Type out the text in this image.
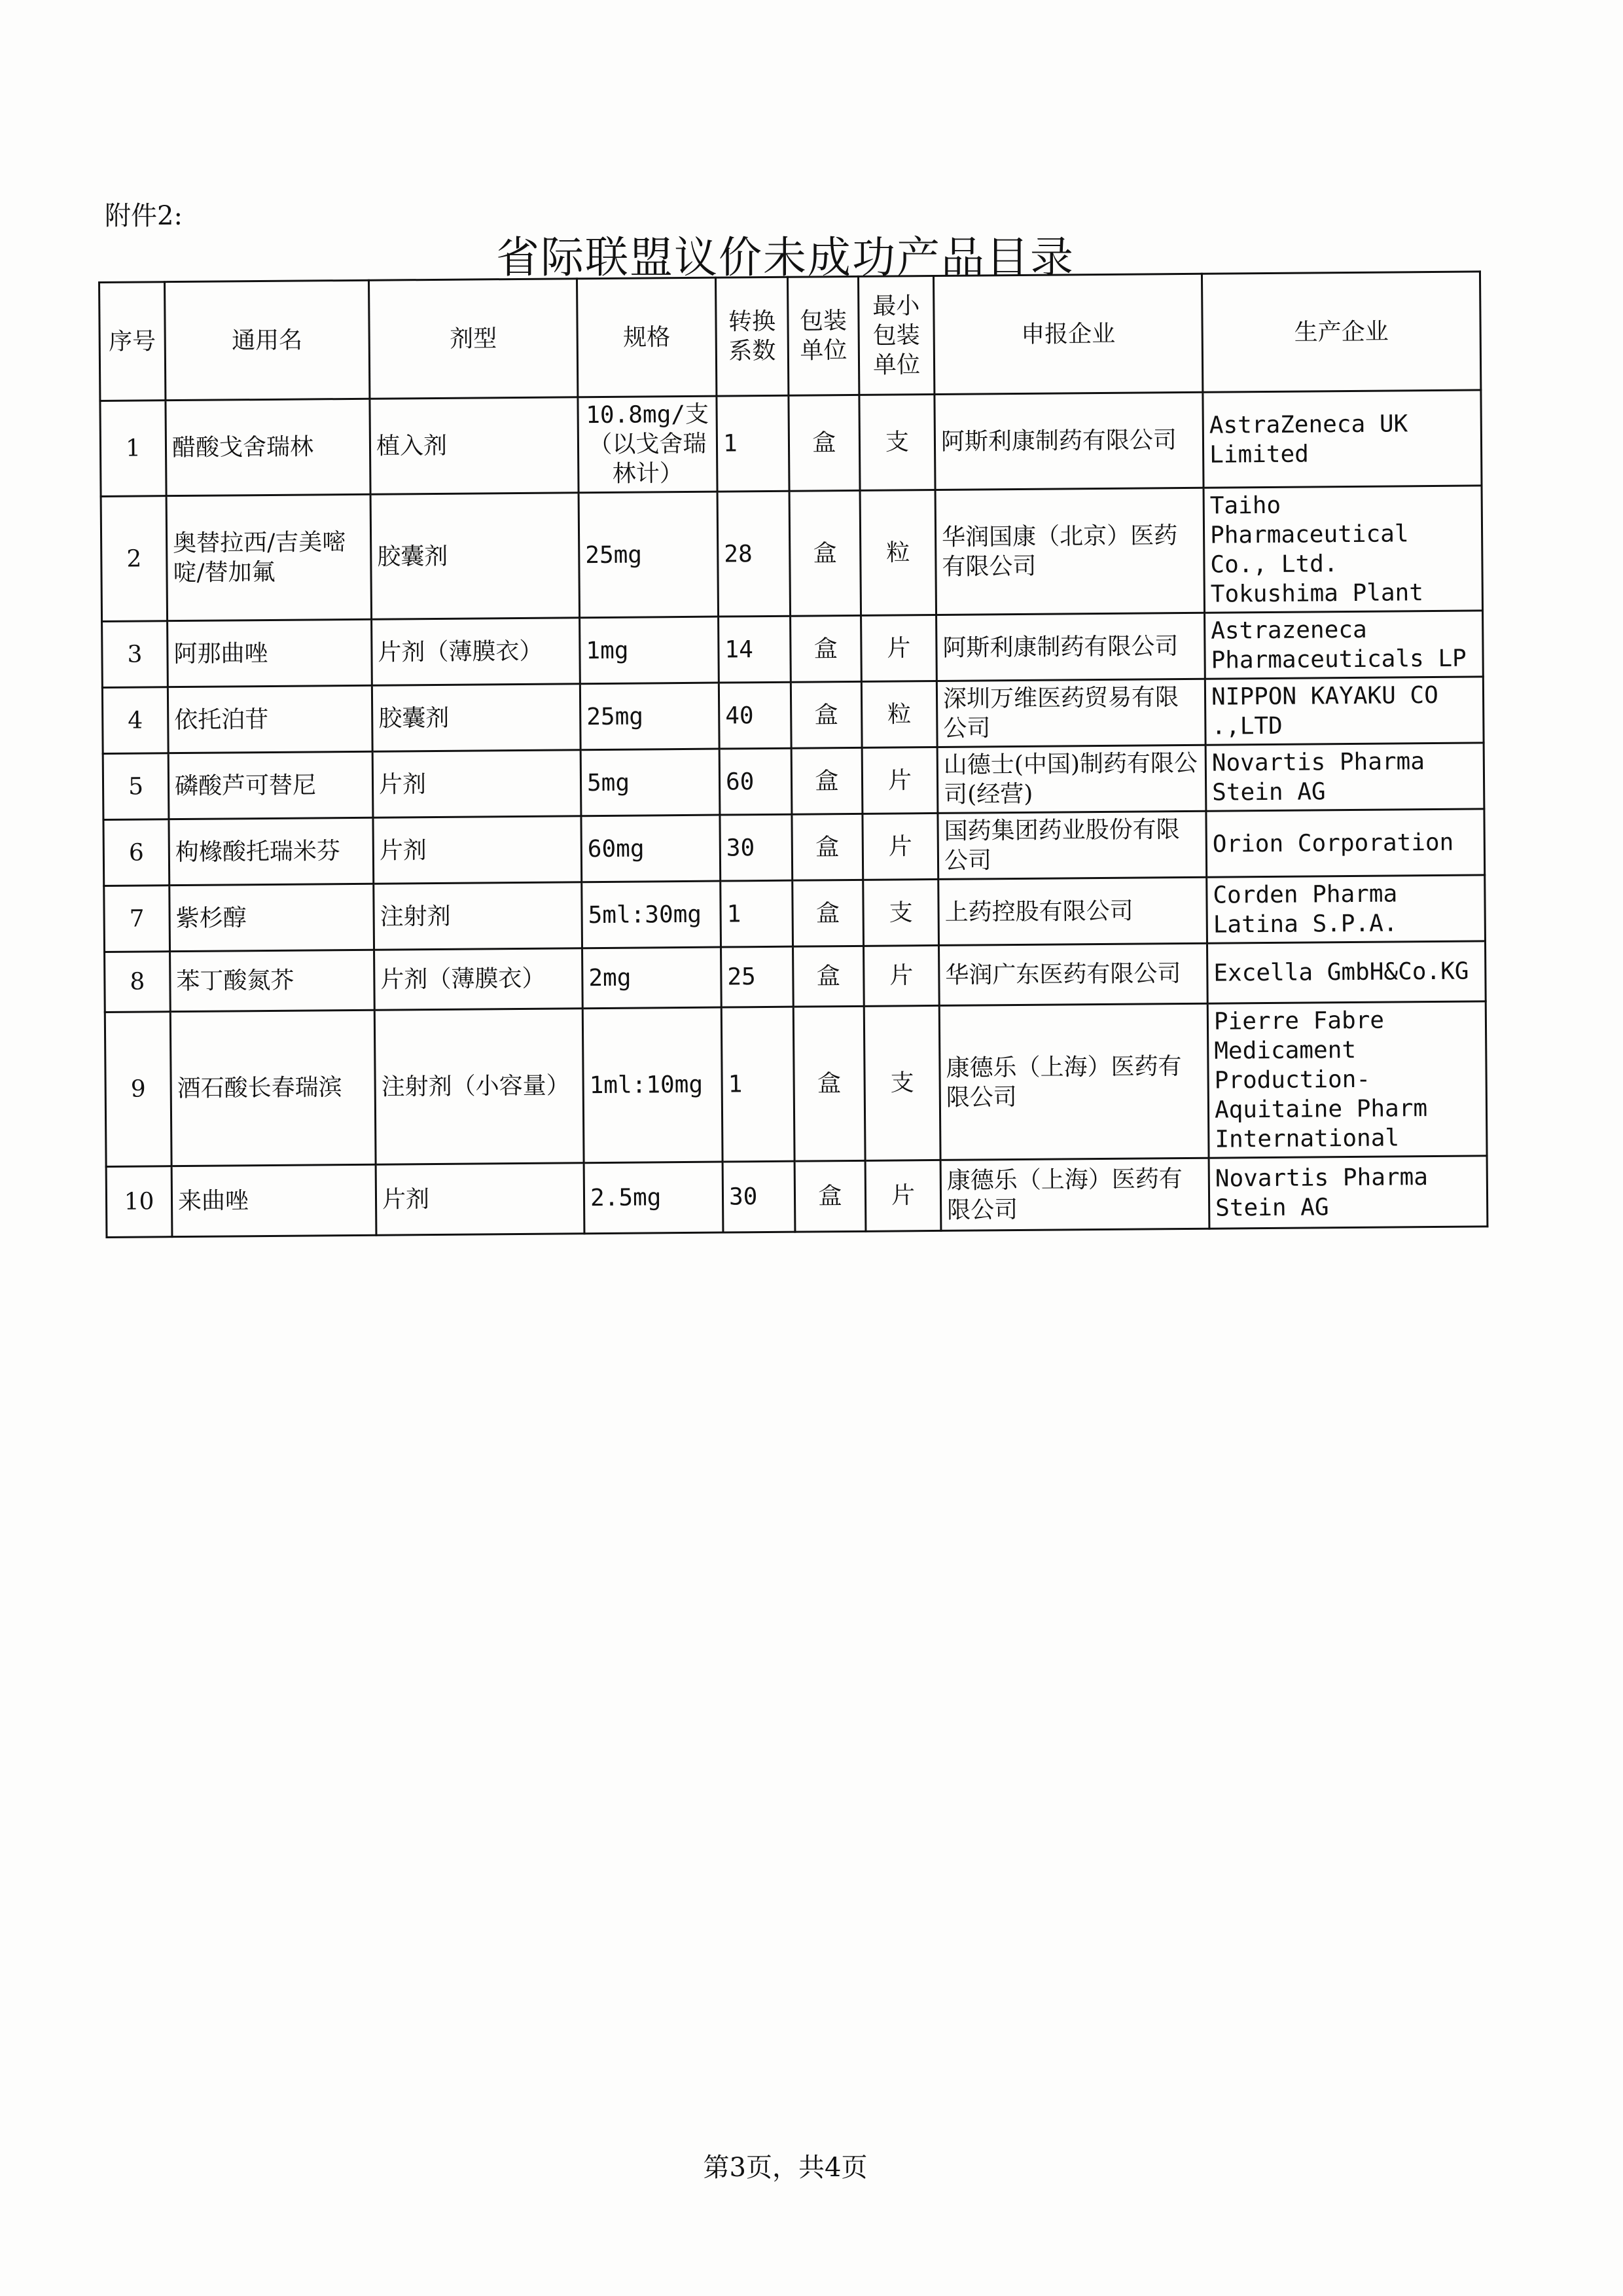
附件2:
省际联盟议价未成功产品目录
序号	通用名	剂型	规格	转换系数	包装单位	最小包装单位	申报企业	生产企业
1	醋酸戈舍瑞林	植入剂	10.8mg/支（以戈舍瑞林计）	1	盒	支	阿斯利康制药有限公司	AstraZeneca UK Limited
2	奥替拉西/吉美嘧啶/替加氟	胶囊剂	25mg	28	盒	粒	华润国康（北京）医药有限公司	Taiho Pharmaceutical Co., Ltd. Tokushima Plant
3	阿那曲唑	片剂（薄膜衣）	1mg	14	盒	片	阿斯利康制药有限公司	Astrazeneca Pharmaceuticals LP
4	依托泊苷	胶囊剂	25mg	40	盒	粒	深圳万维医药贸易有限公司	NIPPON KAYAKU CO .,LTD
5	磷酸芦可替尼	片剂	5mg	60	盒	片	山德士(中国)制药有限公司(经营)	Novartis Pharma Stein AG
6	枸橼酸托瑞米芬	片剂	60mg	30	盒	片	国药集团药业股份有限公司	Orion Corporation
7	紫杉醇	注射剂	5ml:30mg	1	盒	支	上药控股有限公司	Corden Pharma Latina S.P.A.
8	苯丁酸氮芥	片剂（薄膜衣）	2mg	25	盒	片	华润广东医药有限公司	Excella GmbH&Co.KG
9	酒石酸长春瑞滨	注射剂（小容量）	1ml:10mg	1	盒	支	康德乐（上海）医药有限公司	Pierre Fabre Medicament Production-Aquitaine Pharm International
10	来曲唑	片剂	2.5mg	30	盒	片	康德乐（上海）医药有限公司	Novartis Pharma Stein AG
第3页，共4页
